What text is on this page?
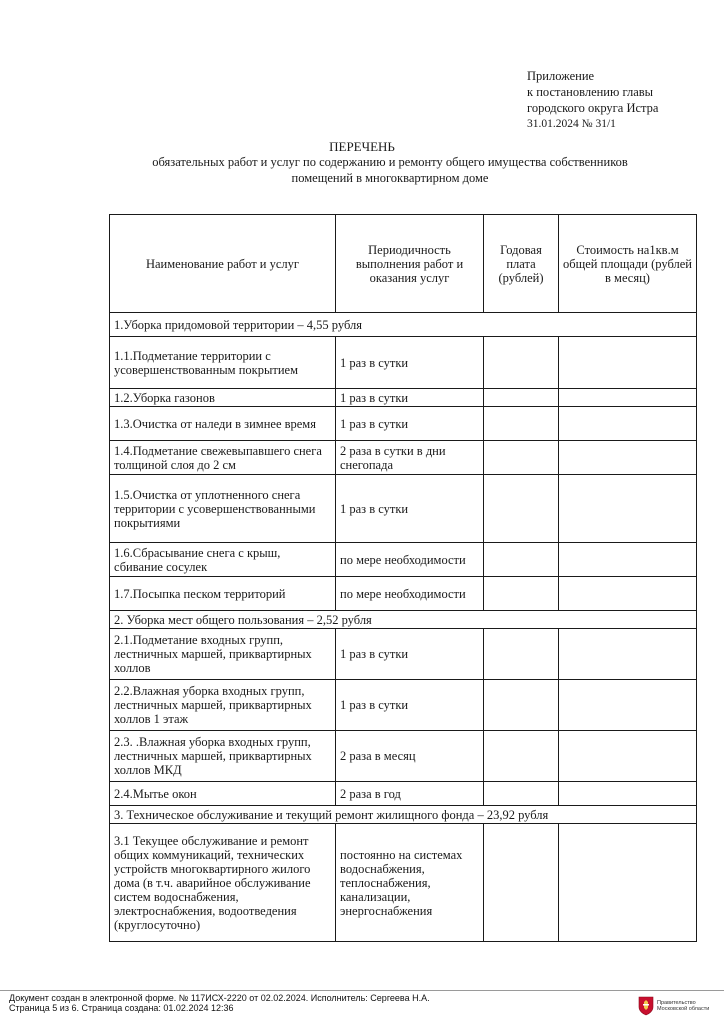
Приложение
к постановлению главы
городского округа Истра
31.01.2024 № 31/1
ПЕРЕЧЕНЬ
обязательных работ и услуг по содержанию и ремонту общего имущества собственников
помещений в многоквартирном доме
Наименование работ и услуг	Периодичность выполнения работ и оказания услуг	Годовая плата (рублей)	Стоимость на1кв.м общей площади (рублей в месяц)
1.Уборка придомовой территории – 4,55 рубля			
1.1.Подметание территории с усовершенствованным покрытием	1 раз в сутки		
1.2.Уборка газонов	1 раз в сутки		
1.3.Очистка от наледи в зимнее время	1 раз в сутки		
1.4.Подметание свежевыпавшего снега толщиной слоя до 2 см	2 раза в сутки в дни снегопада		
1.5.Очистка от уплотненного снега территории с усовершенствованными покрытиями	1 раз в сутки		
1.6.Сбрасывание снега с крыш, сбивание сосулек	по мере необходимости		
1.7.Посыпка песком территорий	по мере необходимости		
2. Уборка мест общего пользования – 2,52 рубля			
2.1.Подметание входных групп, лестничных маршей, приквартирных холлов	1 раз в сутки		
2.2.Влажная уборка входных групп, лестничных маршей, приквартирных холлов 1 этаж	1 раз в сутки		
2.3. .Влажная уборка входных групп, лестничных маршей, приквартирных холлов МКД	2 раза в месяц		
2.4.Мытье окон	2 раза в год		
3. Техническое обслуживание и текущий ремонт жилищного фонда – 23,92 рубля			
3.1 Текущее обслуживание и ремонт общих коммуникаций, технических устройств многоквартирного жилого дома (в т.ч. аварийное обслуживание систем водоснабжения, электроснабжения, водоотведения (круглосуточно)	постоянно на системах водоснабжения, теплоснабжения, канализации, энергоснабжения		
Документ создан в электронной форме. № 117ИСХ-2220 от 02.02.2024. Исполнитель: Сергеева Н.А.
Страница 5 из 6. Страница создана: 01.02.2024 12:36	Правительство
Московской области
